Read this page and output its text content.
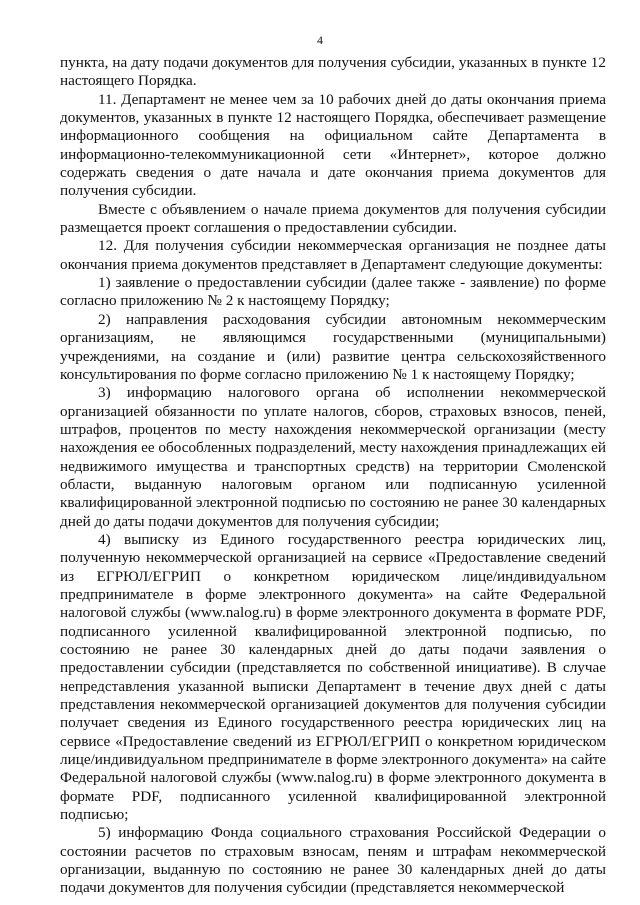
4

пункта, на дату подачи документов для получения субсидии, указанных в пункте 12 настоящего Порядка.

11. Департамент не менее чем за 10 рабочих дней до даты окончания приема документов, указанных в пункте 12 настоящего Порядка, обеспечивает размещение информационного сообщения на официальном сайте Департамента в информационно-телекоммуникационной сети «Интернет», которое должно содержать сведения о дате начала и дате окончания приема документов для получения субсидии.

Вместе с объявлением о начале приема документов для получения субсидии размещается проект соглашения о предоставлении субсидии.

12. Для получения субсидии некоммерческая организация не позднее даты окончания приема документов представляет в Департамент следующие документы:

1) заявление о предоставлении субсидии (далее также - заявление) по форме согласно приложению № 2 к настоящему Порядку;

2) направления расходования субсидии автономным некоммерческим организациям, не являющимся государственными (муниципальными) учреждениями, на создание и (или) развитие центра сельскохозяйственного консультирования по форме согласно приложению № 1 к настоящему Порядку;

3) информацию налогового органа об исполнении некоммерческой организацией обязанности по уплате налогов, сборов, страховых взносов, пеней, штрафов, процентов по месту нахождения некоммерческой организации (месту нахождения ее обособленных подразделений, месту нахождения принадлежащих ей недвижимого имущества и транспортных средств) на территории Смоленской области, выданную налоговым органом или подписанную усиленной квалифицированной электронной подписью по состоянию не ранее 30 календарных дней до даты подачи документов для получения субсидии;

4) выписку из Единого государственного реестра юридических лиц, полученную некоммерческой организацией на сервисе «Предоставление сведений из ЕГРЮЛ/ЕГРИП о конкретном юридическом лице/индивидуальном предпринимателе в форме электронного документа» на сайте Федеральной налоговой службы (www.nalog.ru) в форме электронного документа в формате PDF, подписанного усиленной квалифицированной электронной подписью, по состоянию не ранее 30 календарных дней до даты подачи заявления о предоставлении субсидии (представляется по собственной инициативе). В случае непредставления указанной выписки Департамент в течение двух дней с даты представления некоммерческой организацией документов для получения субсидии получает сведения из Единого государственного реестра юридических лиц на сервисе «Предоставление сведений из ЕГРЮЛ/ЕГРИП о конкретном юридическом лице/индивидуальном предпринимателе в форме электронного документа» на сайте Федеральной налоговой службы (www.nalog.ru) в форме электронного документа в формате PDF, подписанного усиленной квалифицированной электронной подписью;

5) информацию Фонда социального страхования Российской Федерации о состоянии расчетов по страховым взносам, пеням и штрафам некоммерческой организации, выданную по состоянию не ранее 30 календарных дней до даты подачи документов для получения субсидии (представляется некоммерческой
